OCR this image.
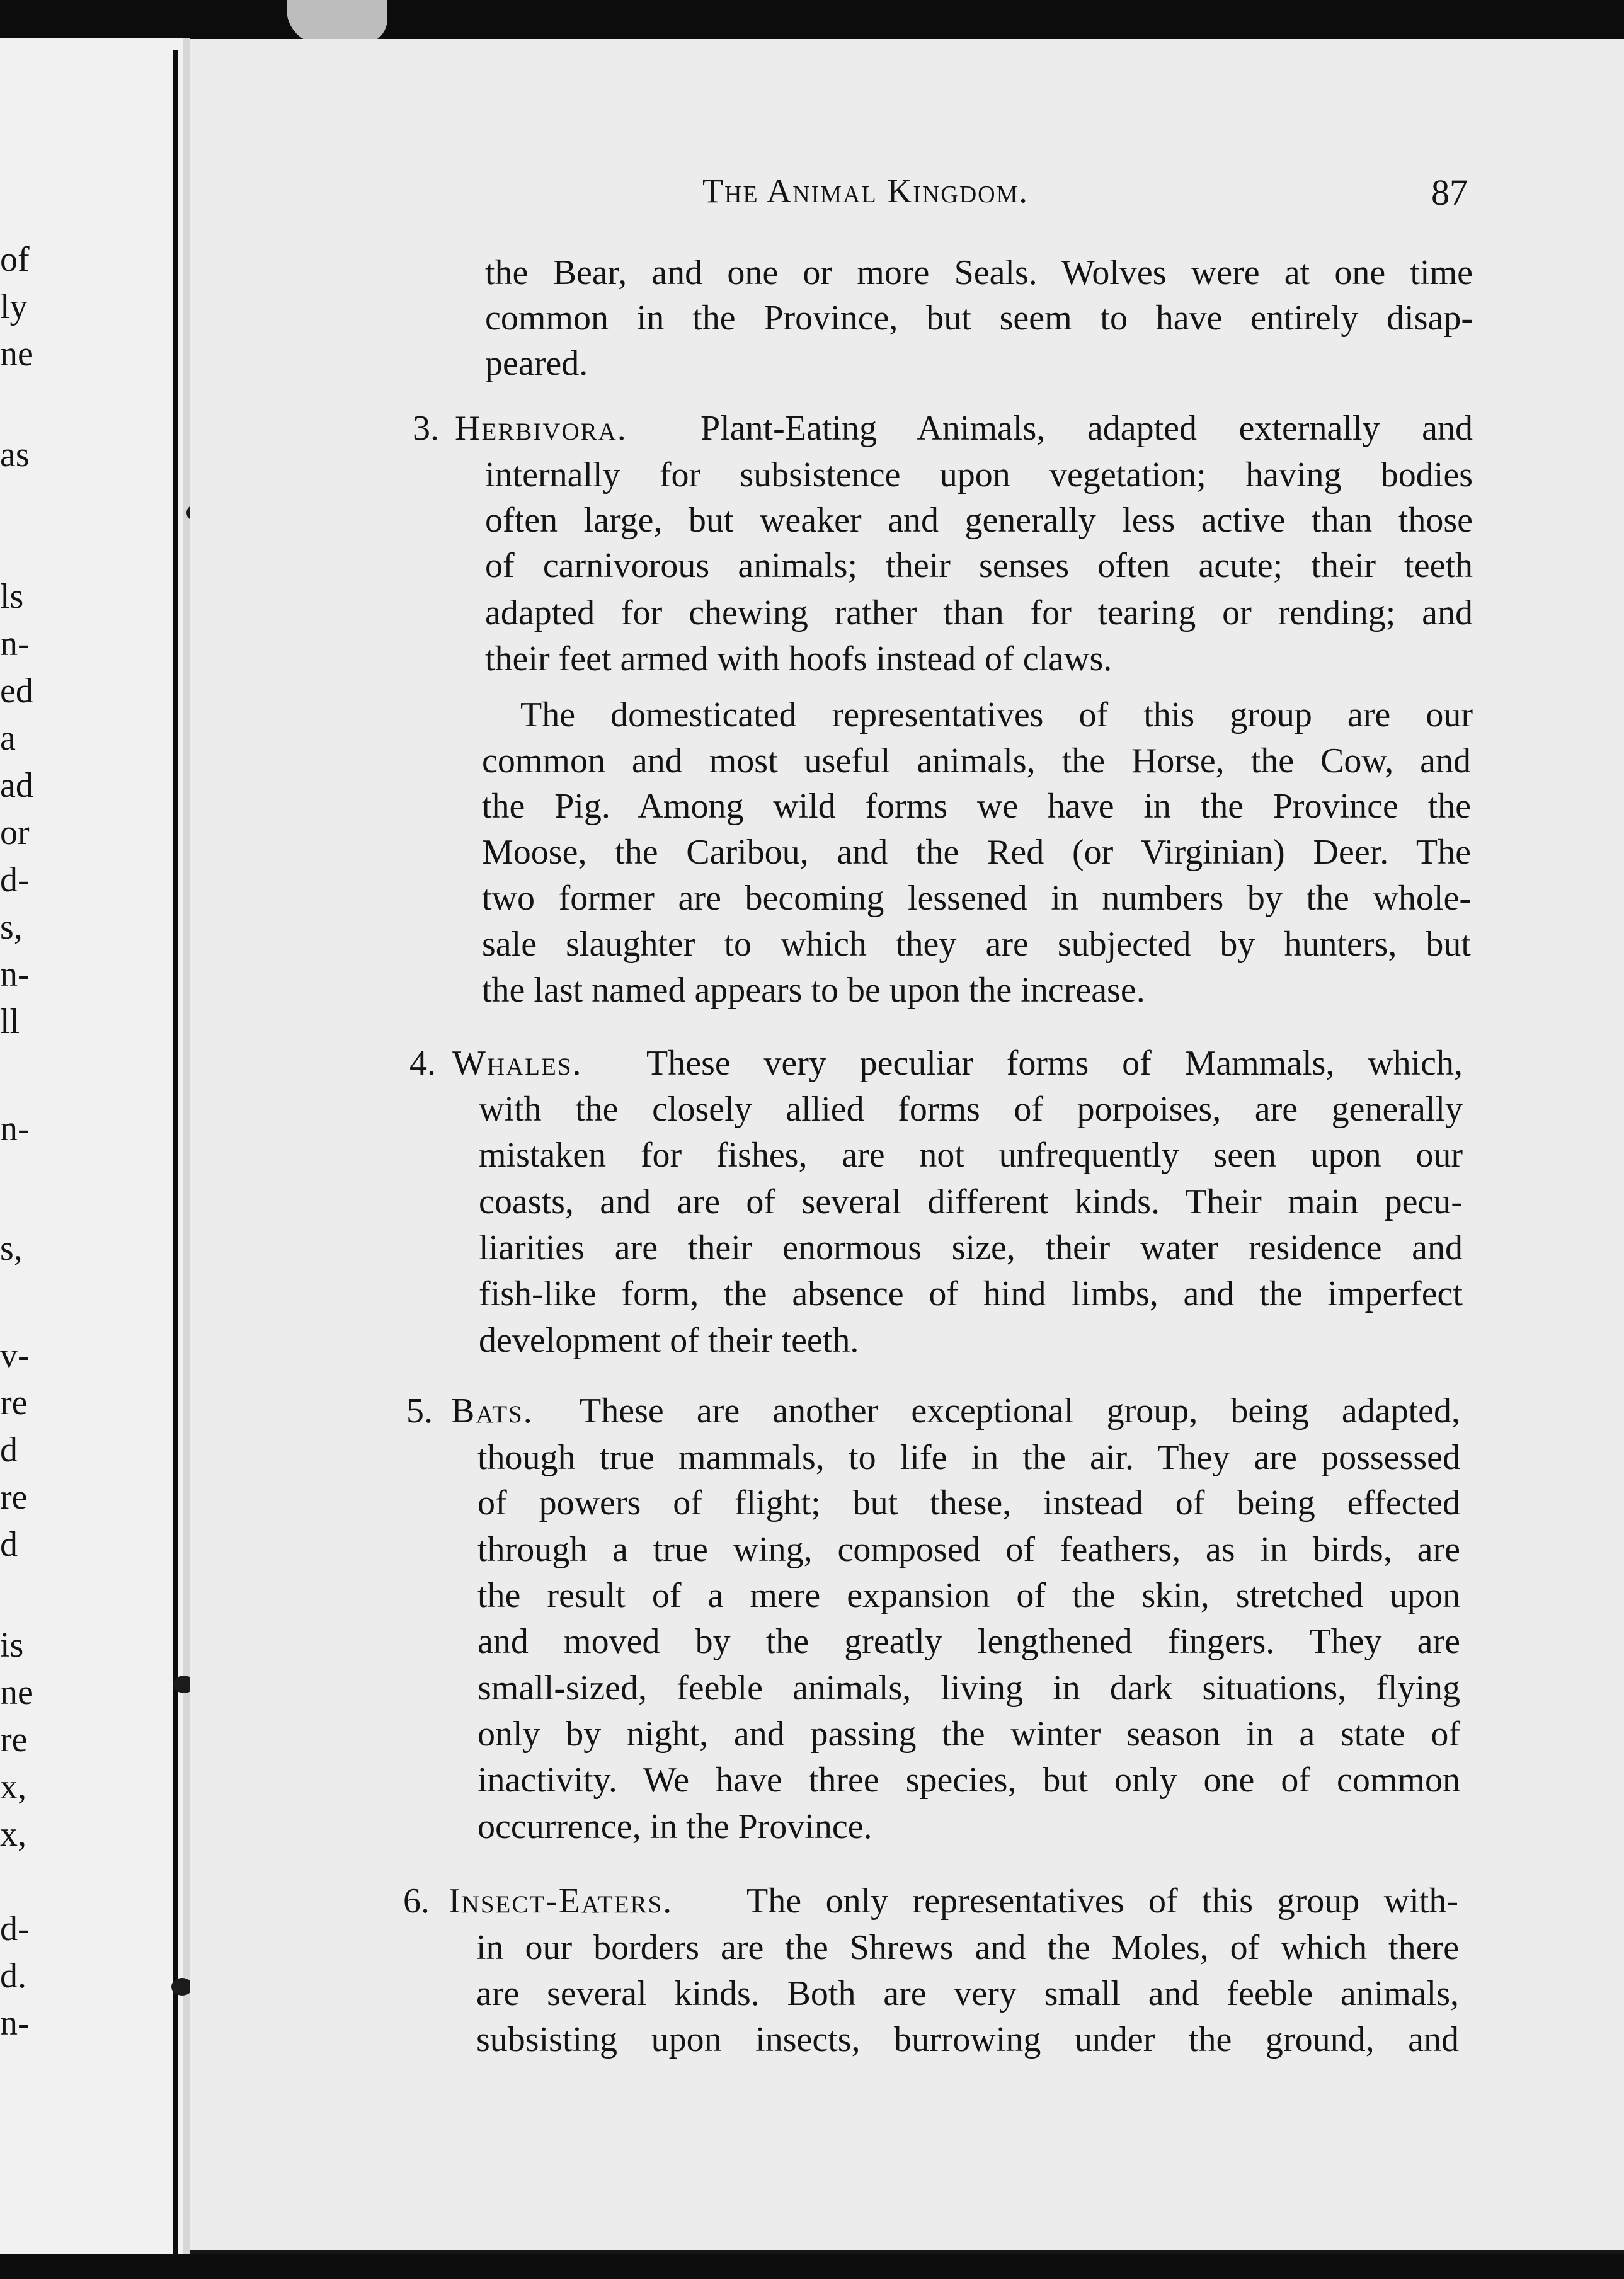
of
ly
ne
as
ls
n-
ed
a
ad
or
d-
s,
n-
ll
n-
s,
v-
re
d
re
d
is
ne
re
x,
x,
d-
d.
n-
The Animal Kingdom.	87
the Bear, and one or more Seals. Wolves were at one time
common in the Province, but seem to have entirely disap-
peared.
3. Herbivora. Plant-Eating Animals, adapted externally and
internally for subsistence upon vegetation; having bodies
often large, but weaker and generally less active than those
of carnivorous animals; their senses often acute; their teeth
adapted for chewing rather than for tearing or rending; and
their feet armed with hoofs instead of claws.
The domesticated representatives of this group are our
common and most useful animals, the Horse, the Cow, and
the Pig. Among wild forms we have in the Province the
Moose, the Caribou, and the Red (or Virginian) Deer. The
two former are becoming lessened in numbers by the whole-
sale slaughter to which they are subjected by hunters, but
the last named appears to be upon the increase.
4. Whales. These very peculiar forms of Mammals, which,
with the closely allied forms of porpoises, are generally
mistaken for fishes, are not unfrequently seen upon our
coasts, and are of several different kinds. Their main pecu-
liarities are their enormous size, their water residence and
fish-like form, the absence of hind limbs, and the imperfect
development of their teeth.
5. Bats. These are another exceptional group, being adapted,
though true mammals, to life in the air. They are possessed
of powers of flight; but these, instead of being effected
through a true wing, composed of feathers, as in birds, are
the result of a mere expansion of the skin, stretched upon
and moved by the greatly lengthened fingers. They are
small-sized, feeble animals, living in dark situations, flying
only by night, and passing the winter season in a state of
inactivity. We have three species, but only one of common
occurrence, in the Province.
6. Insect-Eaters. The only representatives of this group with-
in our borders are the Shrews and the Moles, of which there
are several kinds. Both are very small and feeble animals,
subsisting upon insects, burrowing under the ground, and
